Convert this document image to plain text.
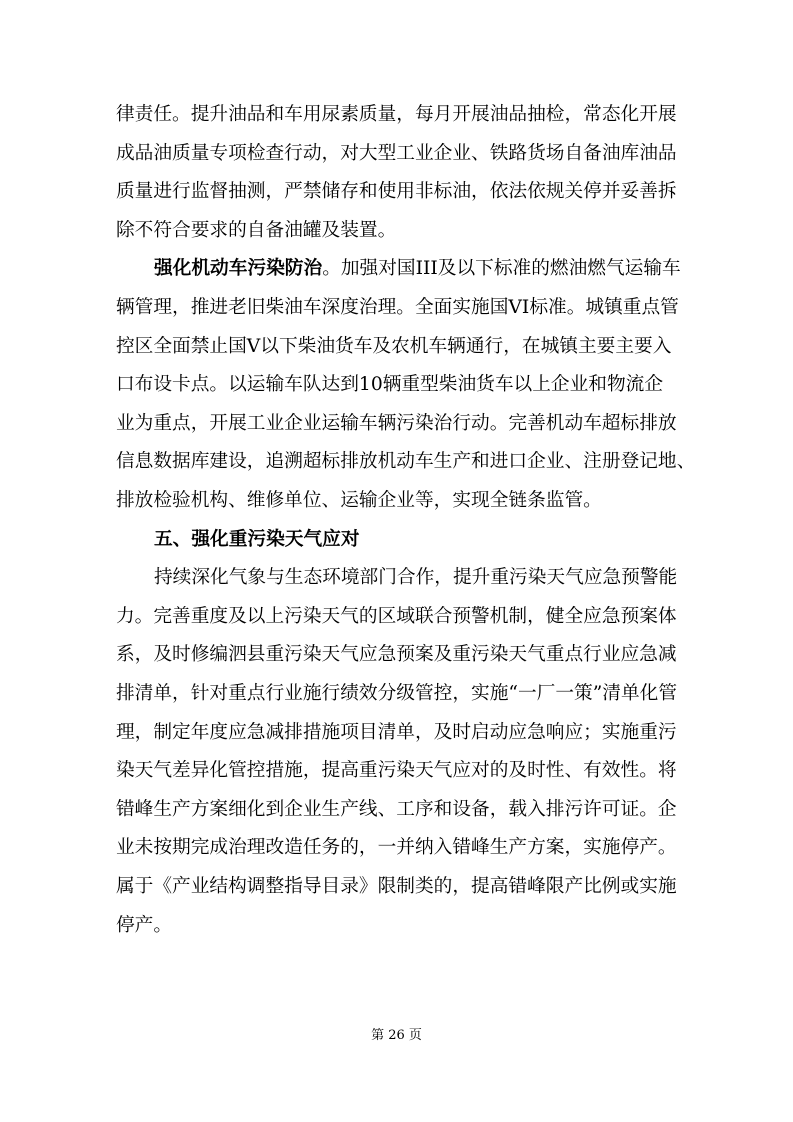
律责任。提升油品和车用尿素质量，每月开展油品抽检，常态化开展
成品油质量专项检查行动，对大型工业企业、铁路货场自备油库油品
质量进行监督抽测，严禁储存和使用非标油，依法依规关停并妥善拆
除不符合要求的自备油罐及装置。
强化机动车污染防治。加强对国III及以下标准的燃油燃气运输车
辆管理，推进老旧柴油车深度治理。全面实施国VI标准。城镇重点管
控区全面禁止国V以下柴油货车及农机车辆通行，在城镇主要主要入
口布设卡点。以运输车队达到10辆重型柴油货车以上企业和物流企
业为重点，开展工业企业运输车辆污染治行动。完善机动车超标排放
信息数据库建设，追溯超标排放机动车生产和进口企业、注册登记地、
排放检验机构、维修单位、运输企业等，实现全链条监管。
五、强化重污染天气应对
持续深化气象与生态环境部门合作，提升重污染天气应急预警能
力。完善重度及以上污染天气的区域联合预警机制，健全应急预案体
系，及时修编泗县重污染天气应急预案及重污染天气重点行业应急减
排清单，针对重点行业施行绩效分级管控，实施“一厂一策”清单化管
理，制定年度应急减排措施项目清单，及时启动应急响应；实施重污
染天气差异化管控措施，提高重污染天气应对的及时性、有效性。将
错峰生产方案细化到企业生产线、工序和设备，载入排污许可证。企
业未按期完成治理改造任务的，一并纳入错峰生产方案，实施停产。
第 26 页
属于《产业结构调整指导目录》限制类的，提高错峰限产比例或实施
停产。
